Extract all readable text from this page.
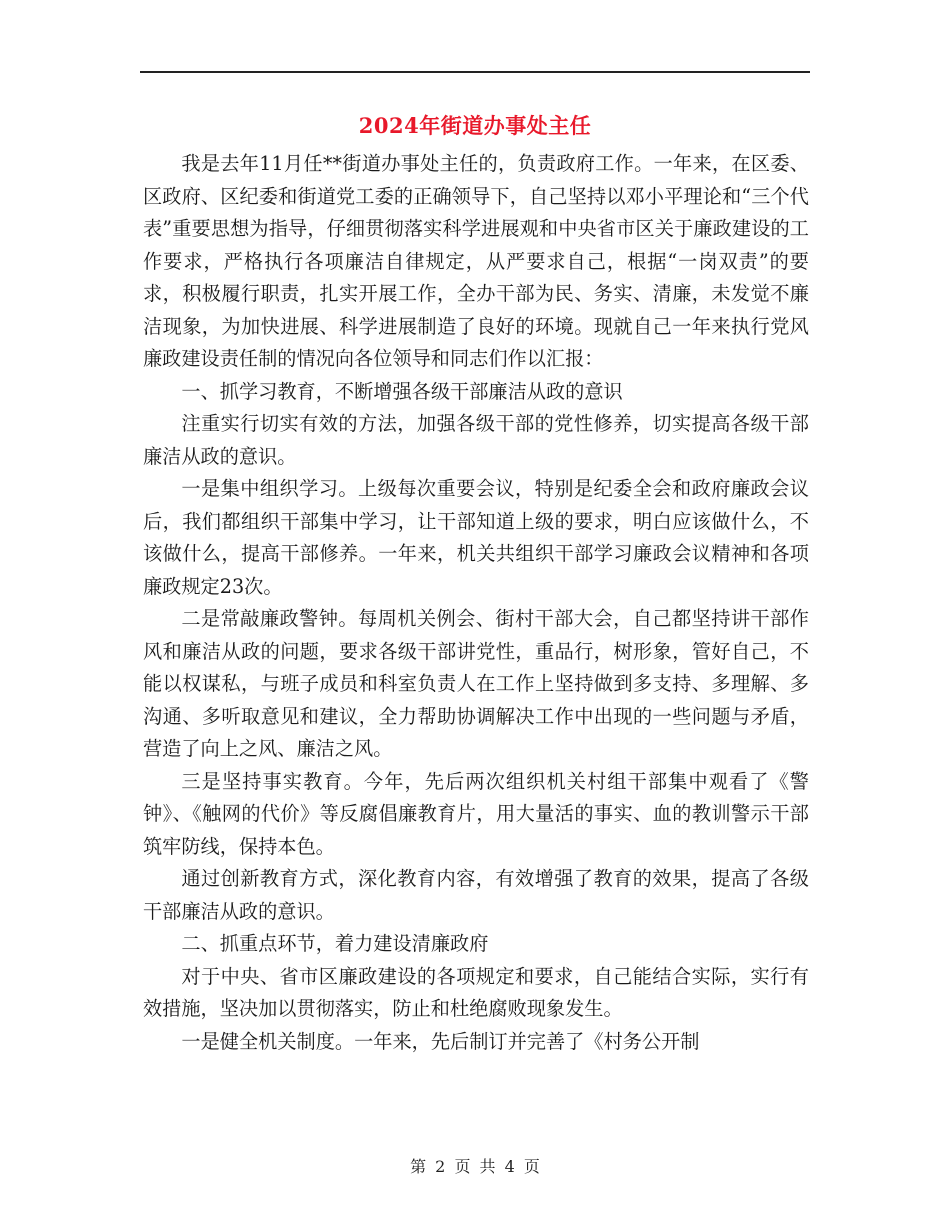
2024年街道办事处主任

我是去年11月任**街道办事处主任的，负责政府工作。一年来，在区委、区政府、区纪委和街道党工委的正确领导下，自己坚持以邓小平理论和“三个代表”重要思想为指导，仔细贯彻落实科学进展观和中央省市区关于廉政建设的工作要求，严格执行各项廉洁自律规定，从严要求自己，根据“一岗双责”的要求，积极履行职责，扎实开展工作，全办干部为民、务实、清廉，未发觉不廉洁现象，为加快进展、科学进展制造了良好的环境。现就自己一年来执行党风廉政建设责任制的情况向各位领导和同志们作以汇报：

一、抓学习教育，不断增强各级干部廉洁从政的意识

注重实行切实有效的方法，加强各级干部的党性修养，切实提高各级干部廉洁从政的意识。

一是集中组织学习。上级每次重要会议，特别是纪委全会和政府廉政会议后，我们都组织干部集中学习，让干部知道上级的要求，明白应该做什么，不该做什么，提高干部修养。一年来，机关共组织干部学习廉政会议精神和各项廉政规定23次。

二是常敲廉政警钟。每周机关例会、街村干部大会，自己都坚持讲干部作风和廉洁从政的问题，要求各级干部讲党性，重品行，树形象，管好自己，不能以权谋私，与班子成员和科室负责人在工作上坚持做到多支持、多理解、多沟通、多听取意见和建议，全力帮助协调解决工作中出现的一些问题与矛盾，营造了向上之风、廉洁之风。

三是坚持事实教育。今年，先后两次组织机关村组干部集中观看了《警钟》、《触网的代价》等反腐倡廉教育片，用大量活的事实、血的教训警示干部筑牢防线，保持本色。

通过创新教育方式，深化教育内容，有效增强了教育的效果，提高了各级干部廉洁从政的意识。

二、抓重点环节，着力建设清廉政府

对于中央、省市区廉政建设的各项规定和要求，自己能结合实际，实行有效措施，坚决加以贯彻落实，防止和杜绝腐败现象发生。

一是健全机关制度。一年来，先后制订并完善了《村务公开制

第 2 页 共 4 页
